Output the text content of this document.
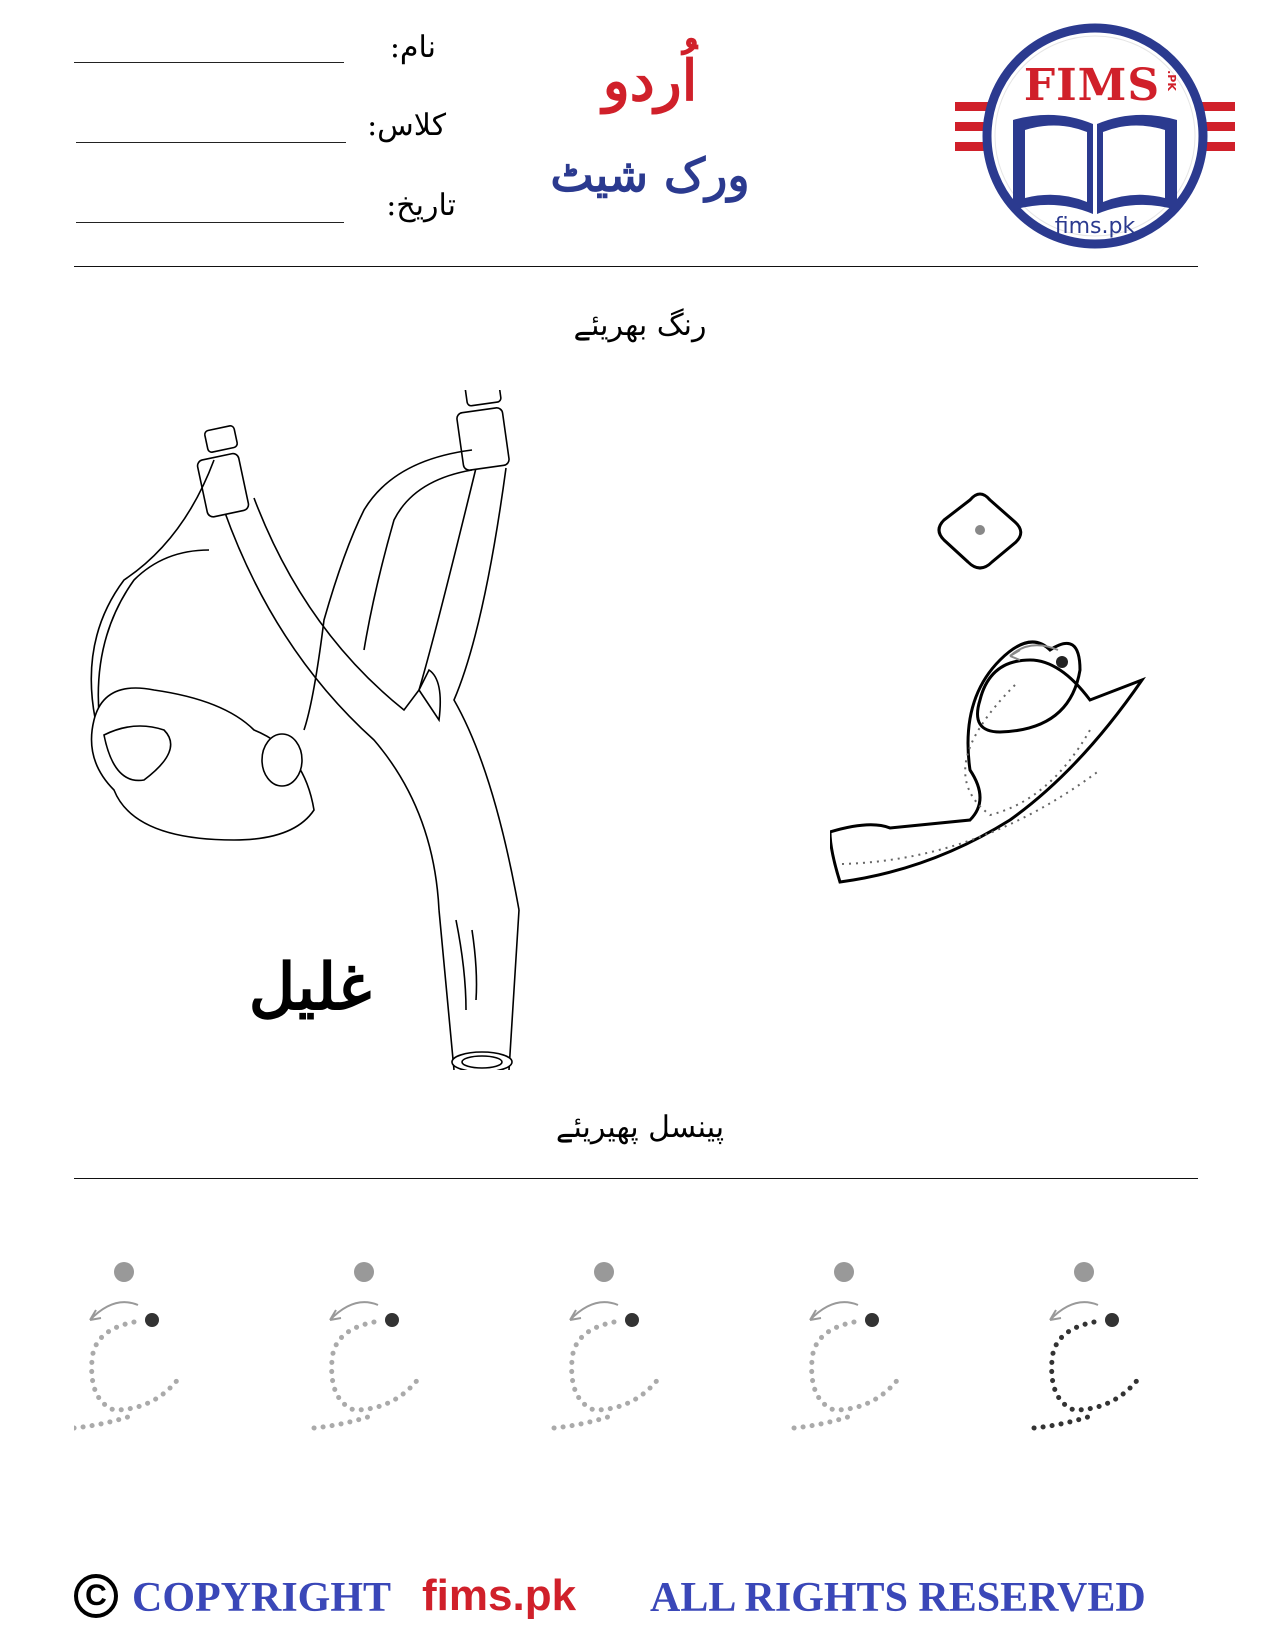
نام:
کلاس:
تاریخ:
اُردو
ورک شیٹ
FIMS .PK
fims.pk
رنگ بھریئے
غلیل
پینسل پھیریئے
C COPYRIGHT fims.pk ALL RIGHTS RESERVED
